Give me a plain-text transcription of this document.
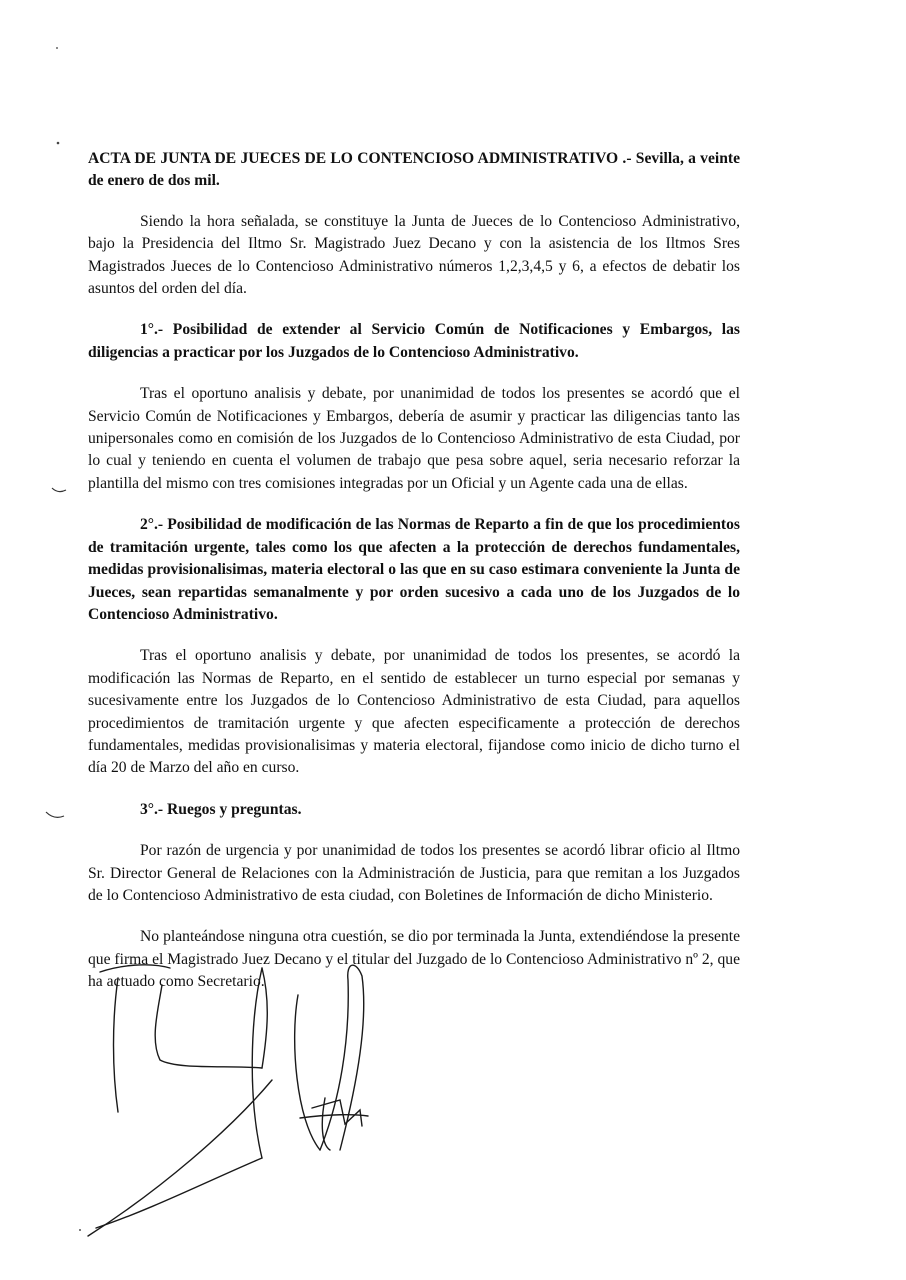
ACTA DE JUNTA DE JUECES DE LO CONTENCIOSO ADMINISTRATIVO .- Sevilla, a veinte de enero de dos mil.

Siendo la hora señalada, se constituye la Junta de Jueces de lo Contencioso Administrativo, bajo la Presidencia del Iltmo Sr. Magistrado Juez Decano y con la asistencia de los Iltmos Sres Magistrados Jueces de lo Contencioso Administrativo números 1,2,3,4,5 y 6, a efectos de debatir los asuntos del orden del día.

1°.- Posibilidad de extender al Servicio Común de Notificaciones y Embargos, las diligencias a practicar por los Juzgados de lo Contencioso Administrativo.

Tras el oportuno analisis y debate, por unanimidad de todos los presentes se acordó que el Servicio Común de Notificaciones y Embargos, debería de asumir y practicar las diligencias tanto las unipersonales como en comisión de los Juzgados de lo Contencioso Administrativo de esta Ciudad, por lo cual y teniendo en cuenta el volumen de trabajo que pesa sobre aquel, seria necesario reforzar la plantilla del mismo con tres comisiones integradas por un Oficial y un Agente cada una de ellas.

2°.- Posibilidad de modificación de las Normas de Reparto a fin de que los procedimientos de tramitación urgente, tales como los que afecten a la protección de derechos fundamentales, medidas provisionalisimas, materia electoral o las que en su caso estimara conveniente la Junta de Jueces, sean repartidas semanalmente y por orden sucesivo a cada uno de los Juzgados de lo Contencioso Administrativo.

Tras el oportuno analisis y debate, por unanimidad de todos los presentes, se acordó la modificación las Normas de Reparto, en el sentido de establecer un turno especial por semanas y sucesivamente entre los Juzgados de lo Contencioso Administrativo de esta Ciudad, para aquellos procedimientos de tramitación urgente y que afecten especificamente a protección de derechos fundamentales, medidas provisionalisimas y materia electoral, fijandose como inicio de dicho turno el día 20 de Marzo del año en curso.

3°.- Ruegos y preguntas.

Por razón de urgencia y por unanimidad de todos los presentes se acordó librar oficio al Iltmo Sr. Director General de Relaciones con la Administración de Justicia, para que remitan a los Juzgados de lo Contencioso Administrativo de esta ciudad, con Boletines de Información de dicho Ministerio.

No planteándose ninguna otra cuestión, se dio por terminada la Junta, extendiéndose la presente que firma el Magistrado Juez Decano y el titular del Juzgado de lo Contencioso Administrativo nº 2, que ha actuado como Secretario.
